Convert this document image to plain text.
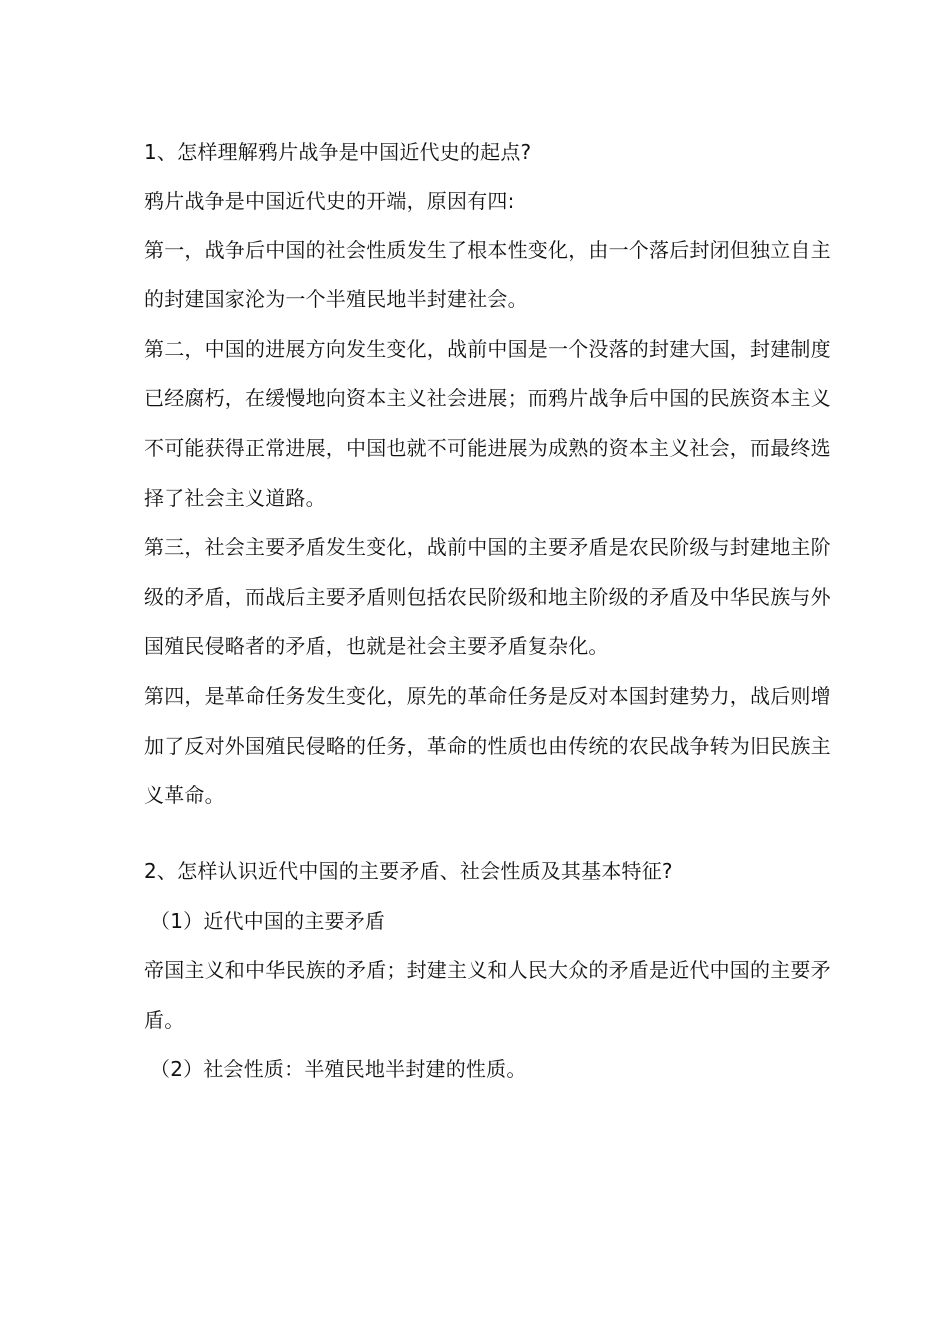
1、怎样理解鸦片战争是中国近代史的起点?
鸦片战争是中国近代史的开端，原因有四:
第一，战争后中国的社会性质发生了根本性变化，由一个落后封闭但独立自主
的封建国家沦为一个半殖民地半封建社会。
第二，中国的进展方向发生变化，战前中国是一个没落的封建大国，封建制度
已经腐朽，在缓慢地向资本主义社会进展；而鸦片战争后中国的民族资本主义
不可能获得正常进展，中国也就不可能进展为成熟的资本主义社会，而最终选
择了社会主义道路。
第三，社会主要矛盾发生变化，战前中国的主要矛盾是农民阶级与封建地主阶
级的矛盾，而战后主要矛盾则包括农民阶级和地主阶级的矛盾及中华民族与外
国殖民侵略者的矛盾，也就是社会主要矛盾复杂化。
第四，是革命任务发生变化，原先的革命任务是反对本国封建势力，战后则增
加了反对外国殖民侵略的任务，革命的性质也由传统的农民战争转为旧民族主
义革命。
2、怎样认识近代中国的主要矛盾、社会性质及其基本特征?
（1）近代中国的主要矛盾
帝国主义和中华民族的矛盾；封建主义和人民大众的矛盾是近代中国的主要矛
盾。
（2）社会性质：半殖民地半封建的性质。
